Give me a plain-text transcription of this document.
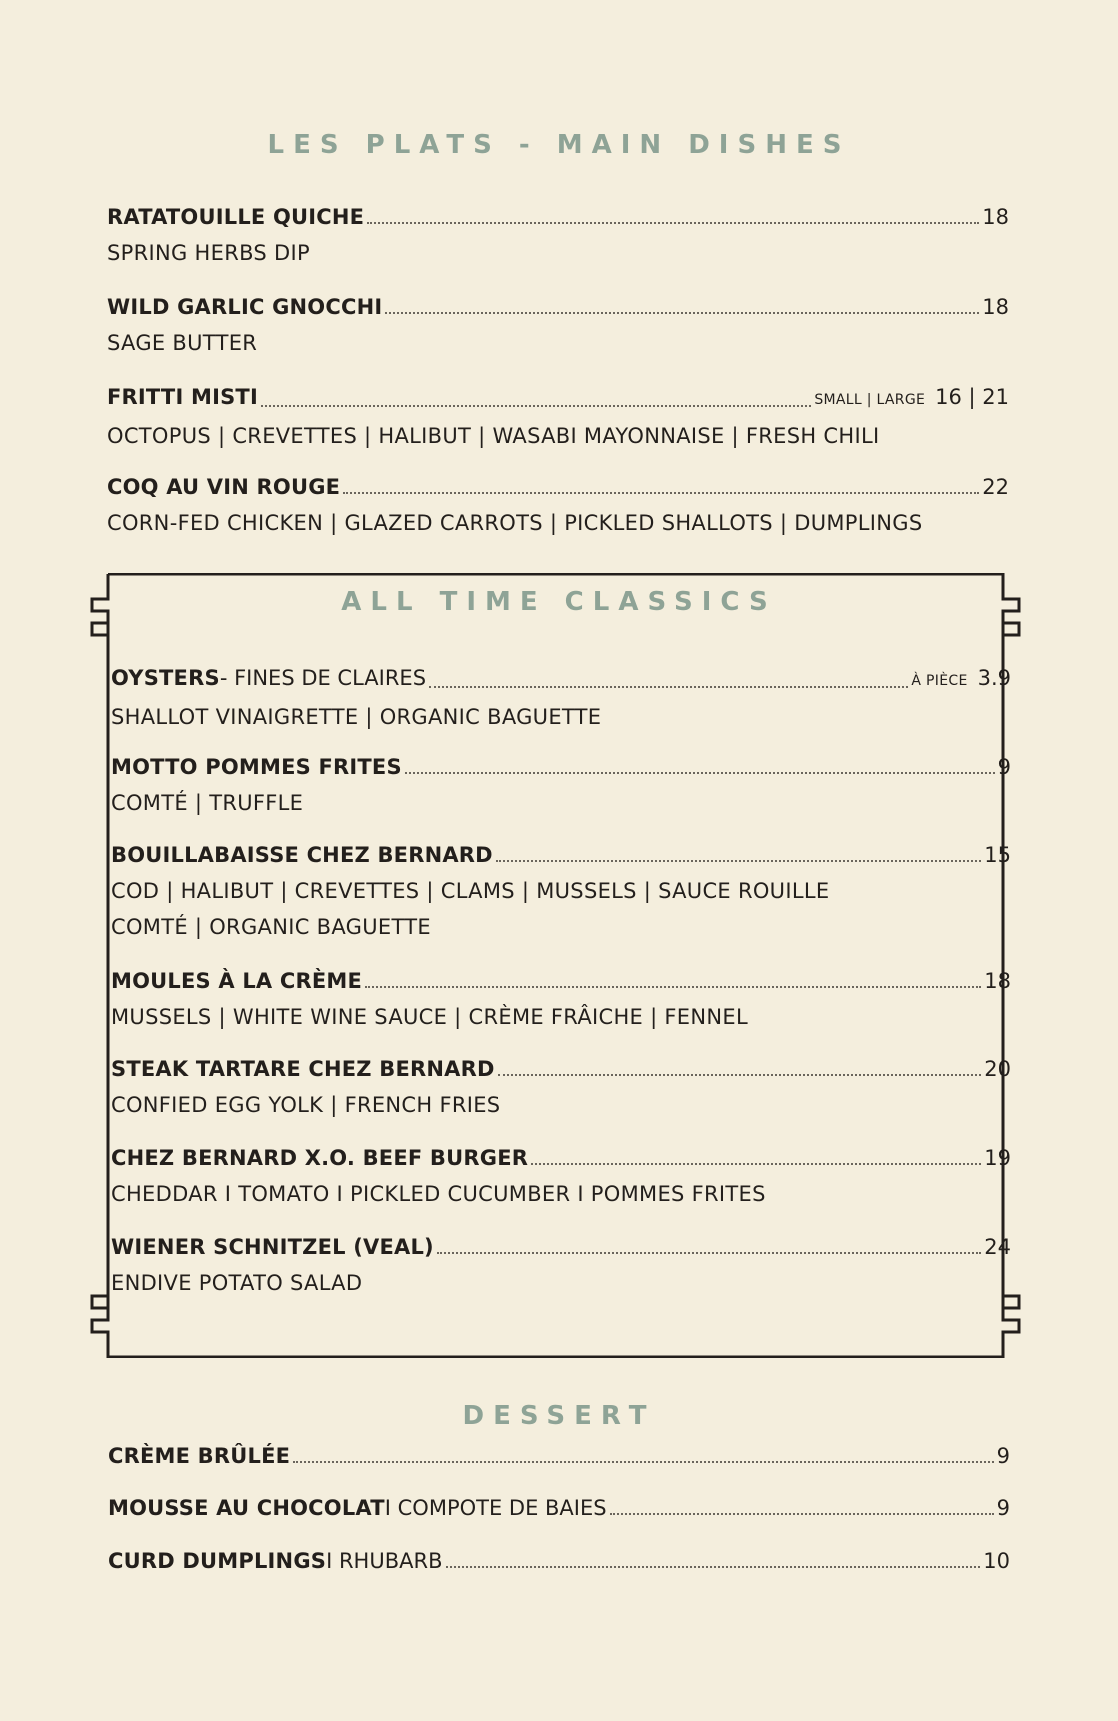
LES PLATS - MAIN DISHES
RATATOUILLE QUICHE	18
SPRING HERBS DIP
WILD GARLIC GNOCCHI	18
SAGE BUTTER
FRITTI MISTI	SMALL | LARGE 16 | 21
OCTOPUS | CREVETTES | HALIBUT | WASABI MAYONNAISE | FRESH CHILI
COQ AU VIN ROUGE	22
CORN-FED CHICKEN | GLAZED CARROTS | PICKLED SHALLOTS | DUMPLINGS
ALL TIME CLASSICS
OYSTERS - FINES DE CLAIRES	À PIÈCE 3.9
SHALLOT VINAIGRETTE | ORGANIC BAGUETTE
MOTTO POMMES FRITES	9
COMTÉ | TRUFFLE
BOUILLABAISSE CHEZ BERNARD	15
COD | HALIBUT | CREVETTES | CLAMS | MUSSELS | SAUCE ROUILLE
COMTÉ | ORGANIC BAGUETTE
MOULES À LA CRÈME	18
MUSSELS | WHITE WINE SAUCE | CRÈME FRÂICHE | FENNEL
STEAK TARTARE CHEZ BERNARD	20
CONFIED EGG YOLK | FRENCH FRIES
CHEZ BERNARD X.O. BEEF BURGER	19
CHEDDAR I TOMATO I PICKLED CUCUMBER I POMMES FRITES
WIENER SCHNITZEL (VEAL)	24
ENDIVE POTATO SALAD
DESSERT
CRÈME BRÛLÉE	9
MOUSSE AU CHOCOLAT I COMPOTE DE BAIES	9
CURD DUMPLINGS I RHUBARB	10
